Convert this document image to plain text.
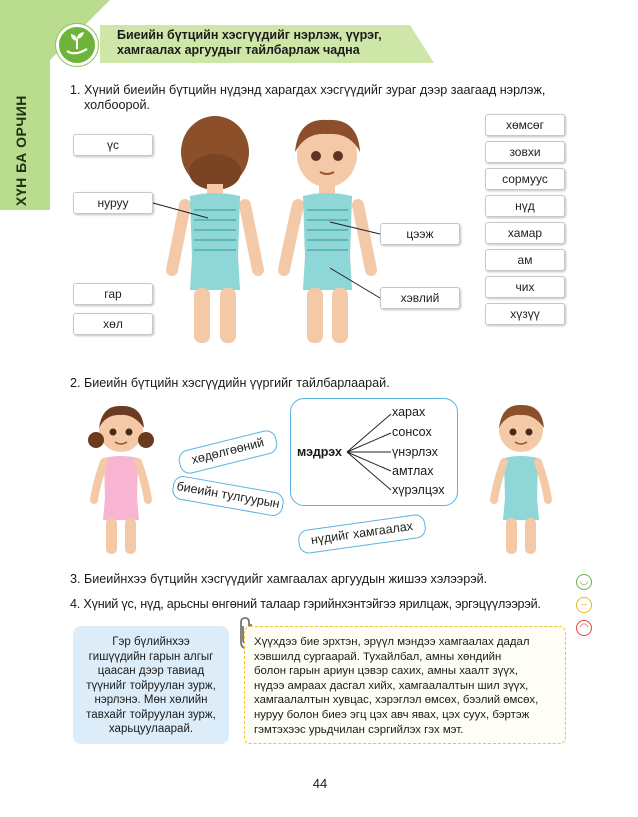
ХҮН БА ОРЧИН
Биеийн бүтцийн хэсгүүдийг нэрлэж, үүрэг,
хамгаалах аргуудыг тайлбарлаж чадна
1. Хүний биеийн бүтцийн нүдэнд харагдах хэсгүүдийг зураг дээр заагаад нэрлэж,
холбоорой.
үс
нуруу
гар
хөл
цээж
хэвлий
хөмсөг
зовхи
сормуус
нүд
хамар
ам
чих
хүзүү
2. Биеийн бүтцийн хэсгүүдийн үүргийг тайлбарлаарай.
хөдөлгөөний
биеийн тулгуурын
нүдийг хамгаалах
мэдрэх
харах
сонсох
үнэрлэх
амтлах
хүрэлцэх
3. Биеийнхээ бүтцийн хэсгүүдийг хамгаалах аргуудын жишээ хэлээрэй.
4. Хүний үс, нүд, арьсны өнгөний талаар гэрийнхэнтэйгээ ярилцаж, эргэцүүлээрэй.
◡
–
◠
Гэр бүлийнхээ
гишүүдийн гарын алгыг
цаасан дээр тавиад
түүнийг тойруулан зурж,
нэрлэнэ. Мөн хөлийн
тавхайг тойруулан зурж,
харьцуулаарай.
Хүүхдээ бие эрхтэн, эрүүл мэндээ хамгаалах дадал
хэвшилд сургаарай. Тухайлбал, амны хөндийн
болон гарын ариун цэвэр сахих, амны хаалт зүүх,
нүдээ амраах дасгал хийх, хамгаалалтын шил зүүх,
хамгаалалтын хувцас, хэрэглэл өмсөх, бээлий өмсөх,
нуруу болон биеэ эгц цэх авч явах, цэх суух, бэртэж
гэмтэхээс урьдчилан сэргийлэх гэх мэт.
44
